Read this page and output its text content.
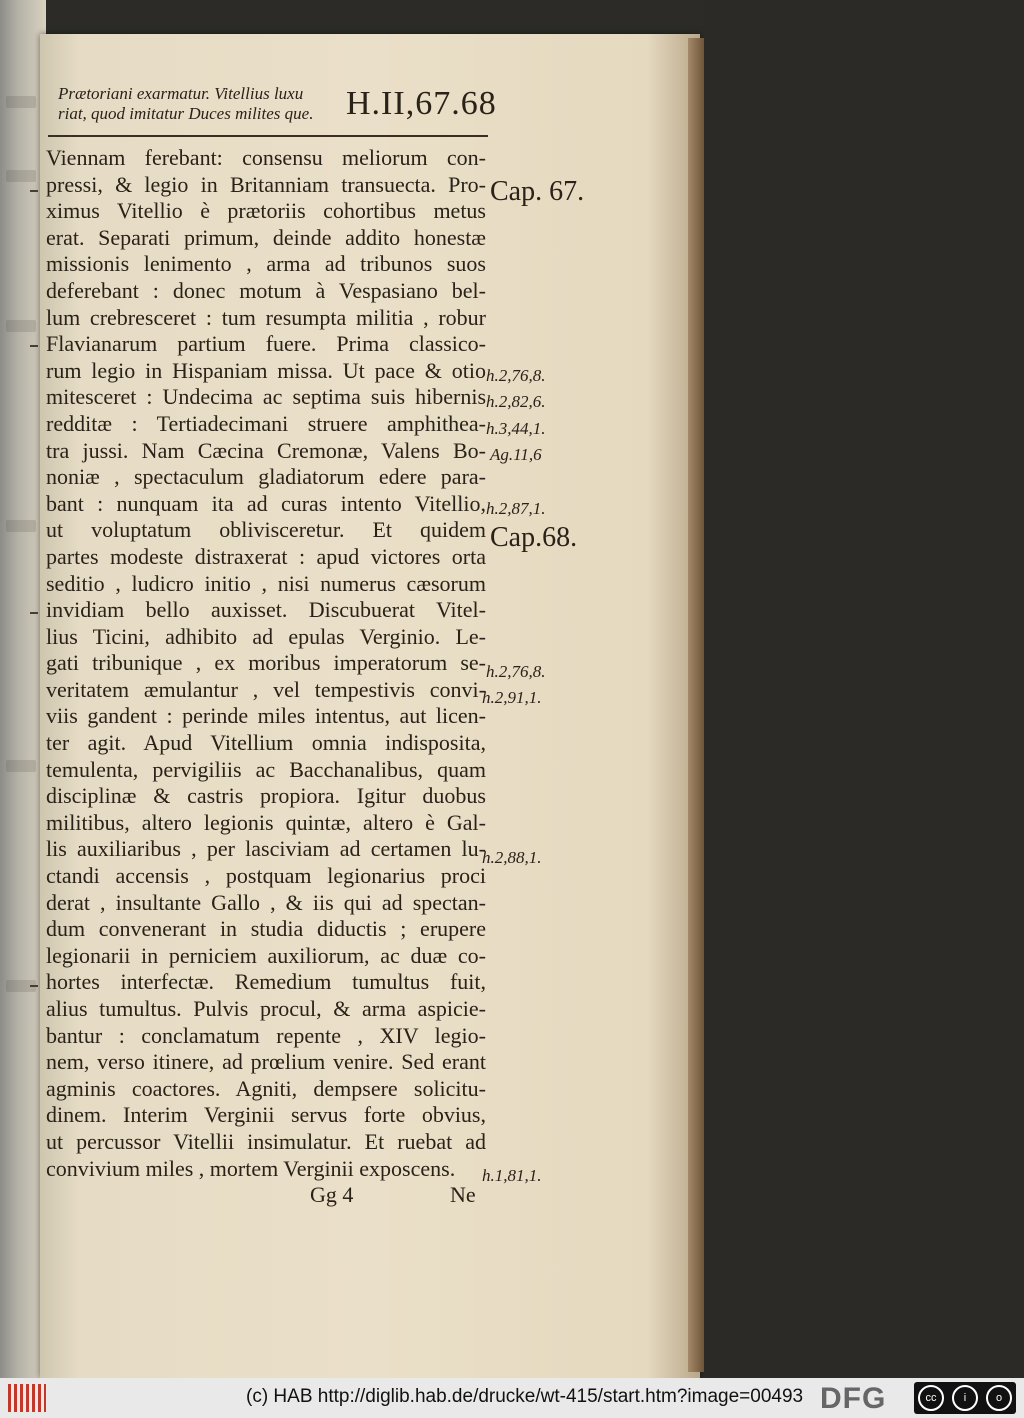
Prætoriani exarmatur. Vitellius luxu
riat, quod imitatur Duces milites que. H.II,67.68
Viennam ferebant: consensu meliorum con-
pressi, & legio in Britanniam transuecta. Pro-
ximus Vitellio è prætoriis cohortibus metus
erat. Separati primum, deinde addito honestæ
missionis lenimento , arma ad tribunos suos
deferebant : donec motum à Vespasiano bel-
lum crebresceret : tum resumpta militia , robur
Flavianarum partium fuere. Prima classico-
rum legio in Hispaniam missa. Ut pace & otio
mitesceret : Undecima ac septima suis hibernis
redditæ : Tertiadecimani struere amphithea-
tra jussi. Nam Cæcina Cremonæ, Valens Bo-
noniæ , spectaculum gladiatorum edere para-
bant : nunquam ita ad curas intento Vitellio,
ut voluptatum oblivisceretur. Et quidem
partes modeste distraxerat : apud victores orta
seditio , ludicro initio , nisi numerus cæsorum
invidiam bello auxisset. Discubuerat Vitel-
lius Ticini, adhibito ad epulas Verginio. Le-
gati tribunique , ex moribus imperatorum se-
veritatem æmulantur , vel tempestivis convi-
viis gandent : perinde miles intentus, aut licen-
ter agit. Apud Vitellium omnia indisposita,
temulenta, pervigiliis ac Bacchanalibus, quam
disciplinæ & castris propiora. Igitur duobus
militibus, altero legionis quintæ, altero è Gal-
lis auxiliaribus , per lasciviam ad certamen lu-
ctandi accensis , postquam legionarius proci
derat , insultante Gallo , & iis qui ad spectan-
dum convenerant in studia diductis ; erupere
legionarii in perniciem auxiliorum, ac duæ co-
hortes interfectæ. Remedium tumultus fuit,
alius tumultus. Pulvis procul, & arma aspicie-
bantur : conclamatum repente , XIV legio-
nem, verso itinere, ad prœlium venire. Sed erant
agminis coactores. Agniti, dempsere solicitu-
dinem. Interim Verginii servus forte obvius,
ut percussor Vitellii insimulatur. Et ruebat ad
convivium miles , mortem Verginii exposcens.
Cap. 67.
h.2,76,8.
h.2,82,6.
h.3,44,1.
Ag.11,6
h.2,87,1.
Cap.68.
h.2,76,8.
h.2,91,1.
h.2,88,1.
h.1,81,1.
Gg 4	Ne
(c) HAB http://diglib.hab.de/drucke/wt-415/start.htm?image=00493 DFG	cc	i	o
